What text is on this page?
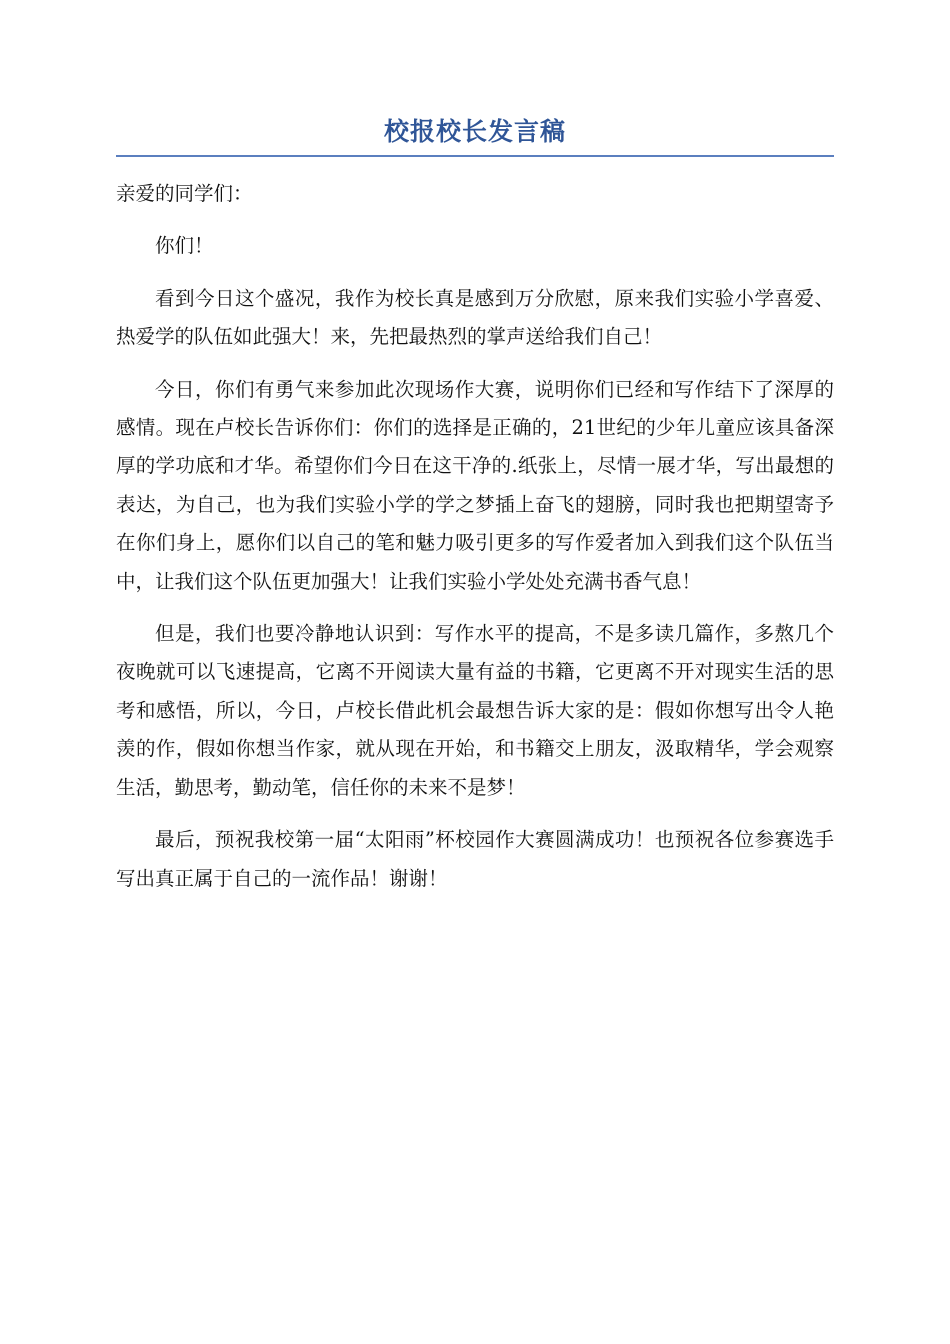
校报校长发言稿

亲爱的同学们：

你们！

看到今日这个盛况，我作为校长真是感到万分欣慰，原来我们实验小学喜爱、热爱学的队伍如此强大！来，先把最热烈的掌声送给我们自己！

今日，你们有勇气来参加此次现场作大赛，说明你们已经和写作结下了深厚的感情。现在卢校长告诉你们：你们的选择是正确的，21世纪的少年儿童应该具备深厚的学功底和才华。希望你们今日在这干净的.纸张上，尽情一展才华，写出最想的表达，为自己，也为我们实验小学的学之梦插上奋飞的翅膀，同时我也把期望寄予在你们身上，愿你们以自己的笔和魅力吸引更多的写作爱者加入到我们这个队伍当中，让我们这个队伍更加强大！让我们实验小学处处充满书香气息！

但是，我们也要冷静地认识到：写作水平的提高，不是多读几篇作，多熬几个夜晚就可以飞速提高，它离不开阅读大量有益的书籍，它更离不开对现实生活的思考和感悟，所以，今日，卢校长借此机会最想告诉大家的是：假如你想写出令人艳羡的作，假如你想当作家，就从现在开始，和书籍交上朋友，汲取精华，学会观察生活，勤思考，勤动笔，信任你的未来不是梦！

最后，预祝我校第一届“太阳雨”杯校园作大赛圆满成功！也预祝各位参赛选手写出真正属于自己的一流作品！谢谢！
